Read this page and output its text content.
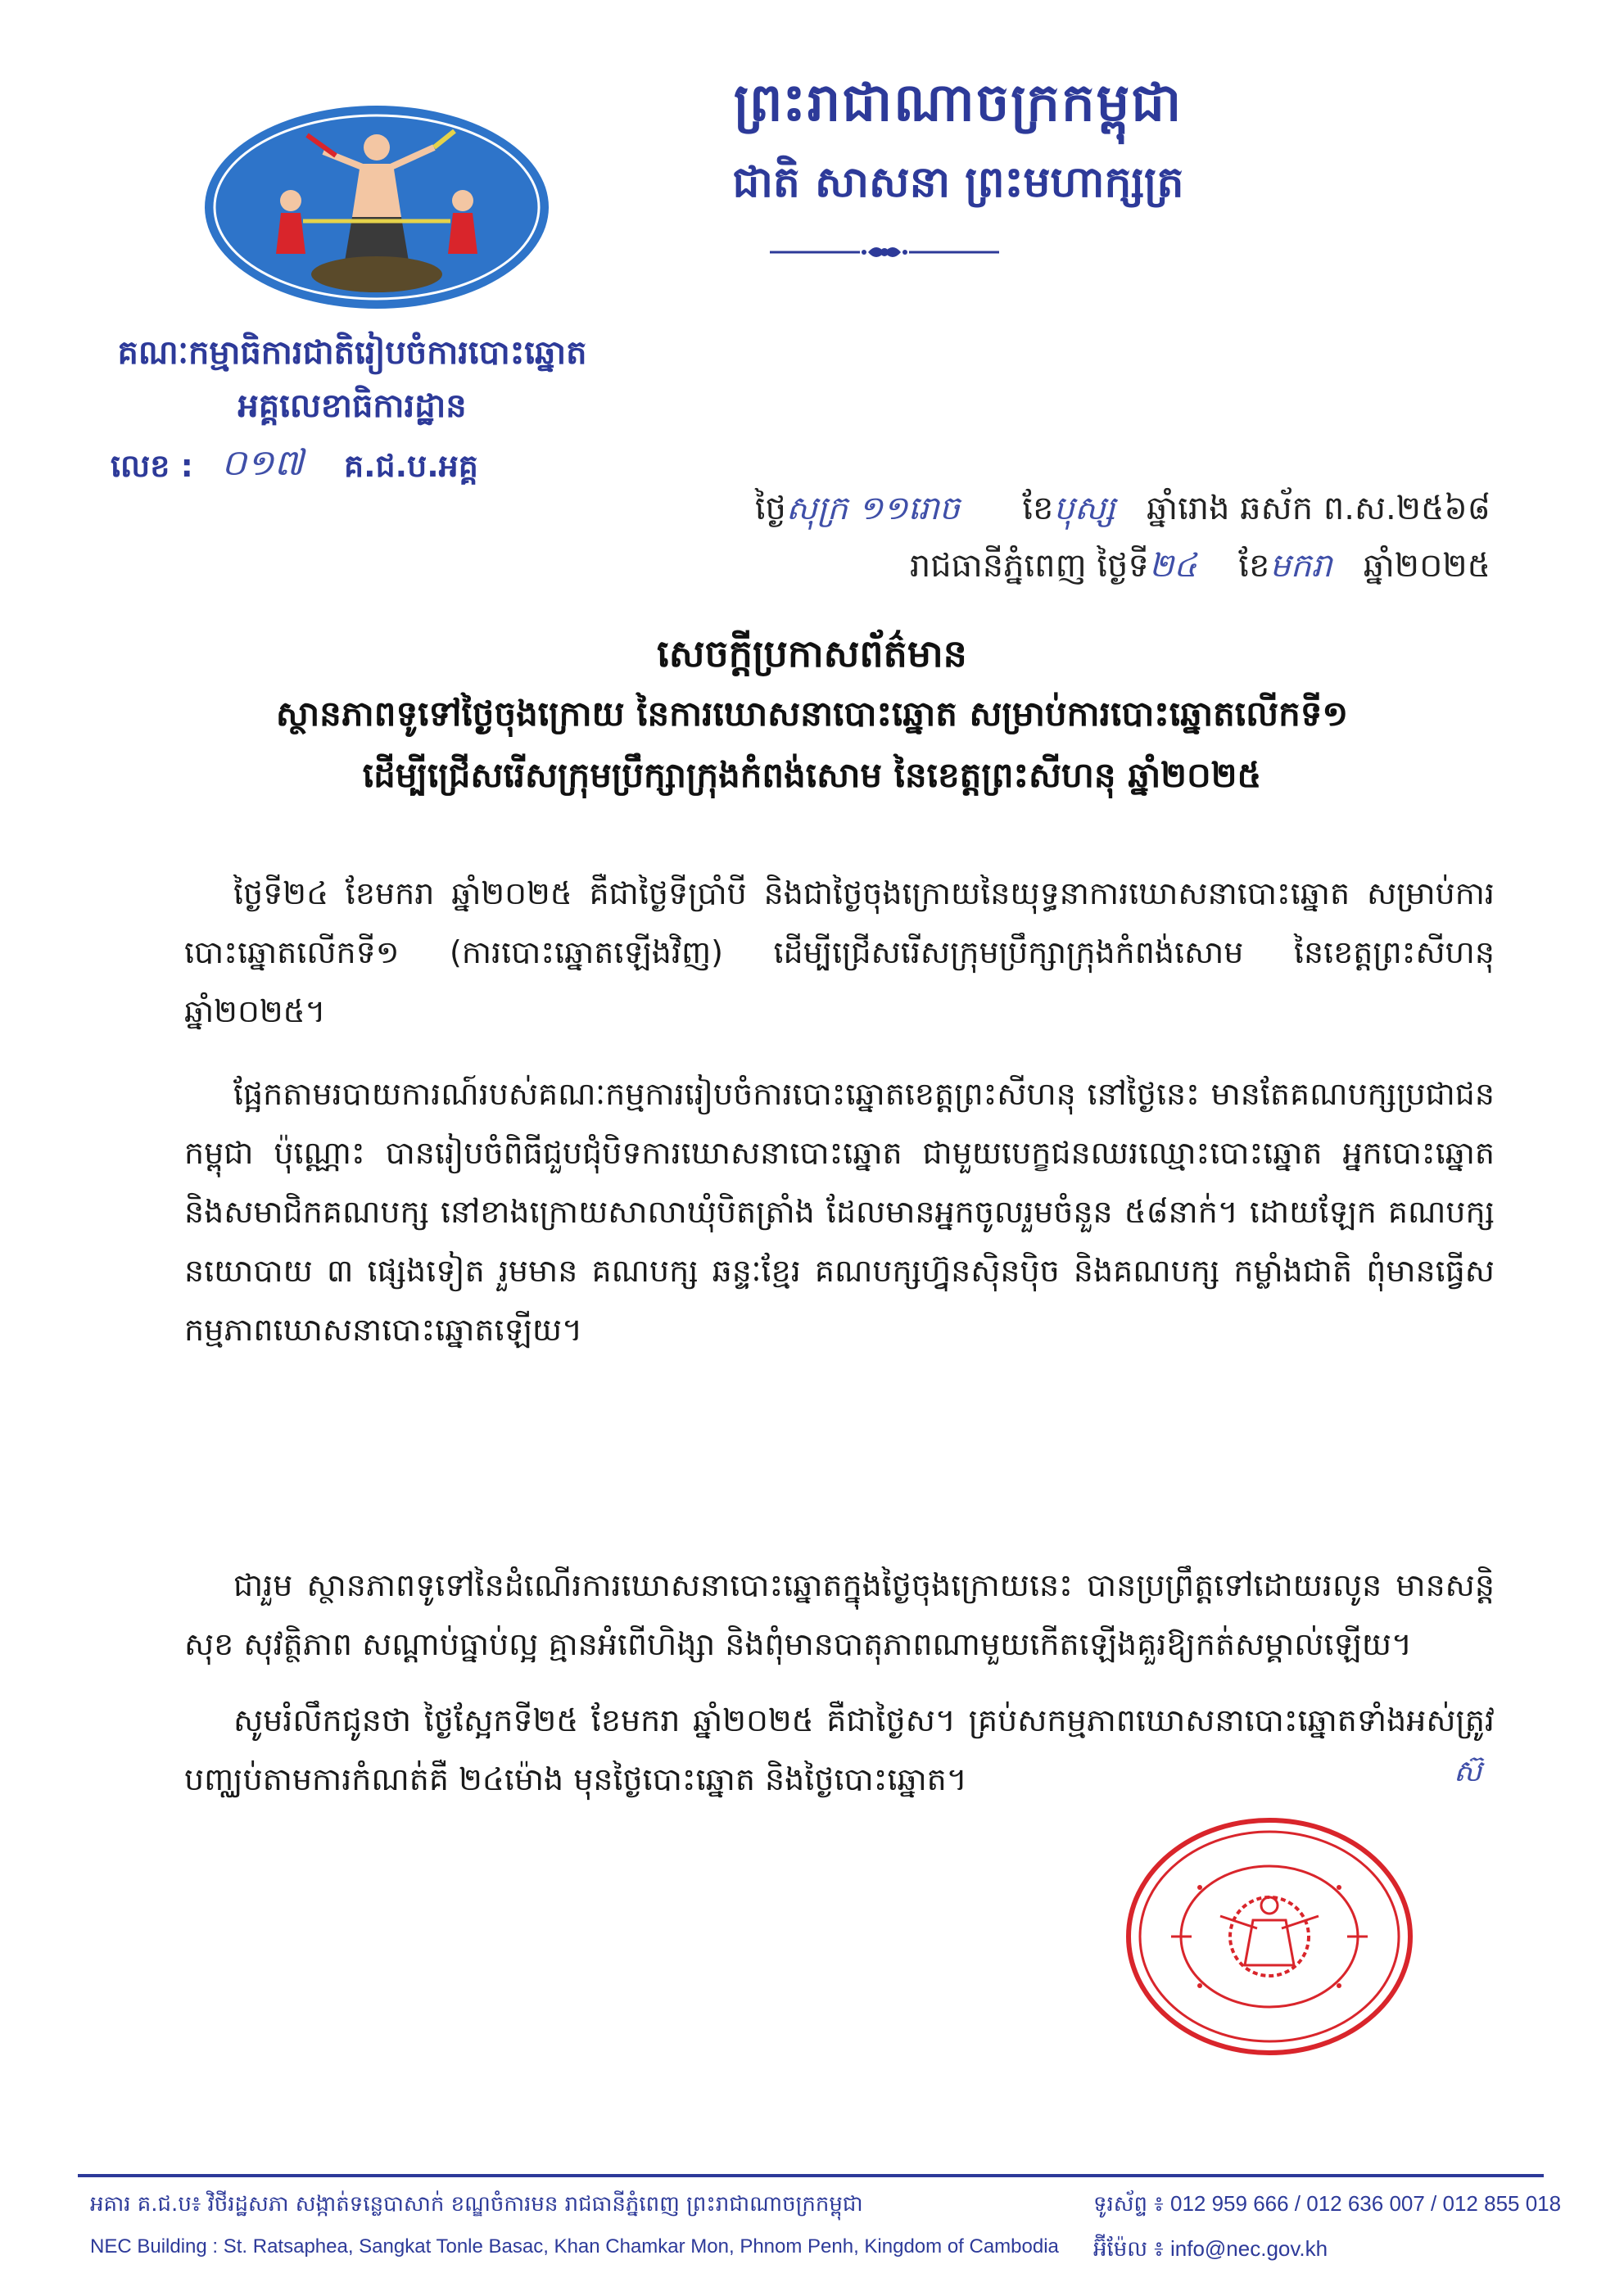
ព្រះរាជាណាចក្រកម្ពុជា
ជាតិ សាសនា ព្រះមហាក្សត្រ
គណៈកម្មាធិការជាតិរៀបចំការបោះឆ្នោត
អគ្គលេខាធិការដ្ឋាន
លេខ : ០១៧ គ.ជ.ប.អគ្គ
ថ្ងៃសុក្រ ១១រោច ខែបុស្ស ឆ្នាំរោង ឆស័ក ព.ស.២៥៦៨
រាជធានីភ្នំពេញ ថ្ងៃទី២៤ ខែមករា ឆ្នាំ២០២៥
សេចក្តីប្រកាសព័ត៌មាន
ស្ថានភាពទូទៅថ្ងៃចុងក្រោយ នៃការឃោសនាបោះឆ្នោត សម្រាប់ការបោះឆ្នោតលើកទី១
ដើម្បីជ្រើសរើសក្រុមប្រឹក្សាក្រុងកំពង់សោម នៃខេត្តព្រះសីហនុ ឆ្នាំ២០២៥

ថ្ងៃទី២៤ ខែមករា ឆ្នាំ២០២៥ គឺជាថ្ងៃទីប្រាំបី និងជាថ្ងៃចុងក្រោយនៃយុទ្ធនាការឃោសនាបោះឆ្នោត សម្រាប់ការបោះឆ្នោតលើកទី១ (ការបោះឆ្នោតឡើងវិញ) ដើម្បីជ្រើសរើសក្រុមប្រឹក្សាក្រុងកំពង់សោម នៃខេត្តព្រះសីហនុ ឆ្នាំ២០២៥។

ផ្អែកតាមរបាយការណ៍របស់គណៈកម្មការរៀបចំការបោះឆ្នោតខេត្តព្រះសីហនុ នៅថ្ងៃនេះ មានតែគណបក្សប្រជាជនកម្ពុជា ប៉ុណ្ណោះ បានរៀបចំពិធីជួបជុំបិទការឃោសនាបោះឆ្នោត ជាមួយបេក្ខជនឈរឈ្មោះបោះឆ្នោត អ្នកបោះឆ្នោត និងសមាជិកគណបក្ស នៅខាងក្រោយសាលាឃុំបិតត្រាំង ដែលមានអ្នកចូលរួមចំនួន ៥៨នាក់។ ដោយឡែក គណបក្សនយោបាយ ៣ ផ្សេងទៀត រួមមាន គណបក្ស ឆន្ទៈខ្មែរ គណបក្សហ្វ៊ុនស៊ិនប៉ិច និងគណបក្ស កម្លាំងជាតិ ពុំមានធ្វើសកម្មភាពឃោសនាបោះឆ្នោតឡើយ។

ជារួម ស្ថានភាពទូទៅនៃដំណើរការឃោសនាបោះឆ្នោតក្នុងថ្ងៃចុងក្រោយនេះ បានប្រព្រឹត្តទៅដោយរលូន មានសន្តិសុខ សុវត្ថិភាព សណ្តាប់ធ្នាប់ល្អ គ្មានអំពើហិង្សា និងពុំមានបាតុភាពណាមួយកើតឡើងគួរឱ្យកត់សម្គាល់ឡើយ។

សូមរំលឹកជូនថា ថ្ងៃស្អែកទី២៥ ខែមករា ឆ្នាំ២០២៥ គឺជាថ្ងៃស។ គ្រប់សកម្មភាពឃោសនាបោះឆ្នោតទាំងអស់ត្រូវបញ្ឈប់តាមការកំណត់គឺ ២៤ម៉ោង មុនថ្ងៃបោះឆ្នោត និងថ្ងៃបោះឆ្នោត។	ស៊
អគារ គ.ជ.ប៖ វិថីរដ្ឋសភា សង្កាត់ទន្លេបាសាក់ ខណ្ឌចំការមន រាជធានីភ្នំពេញ ព្រះរាជាណាចក្រកម្ពុជា
NEC Building : St. Ratsaphea, Sangkat Tonle Basac, Khan Chamkar Mon, Phnom Penh, Kingdom of Cambodia
ទូរស័ព្ទ ៖ 012 959 666 / 012 636 007 / 012 855 018
អ៊ីម៉ែល ៖ info@nec.gov.kh
